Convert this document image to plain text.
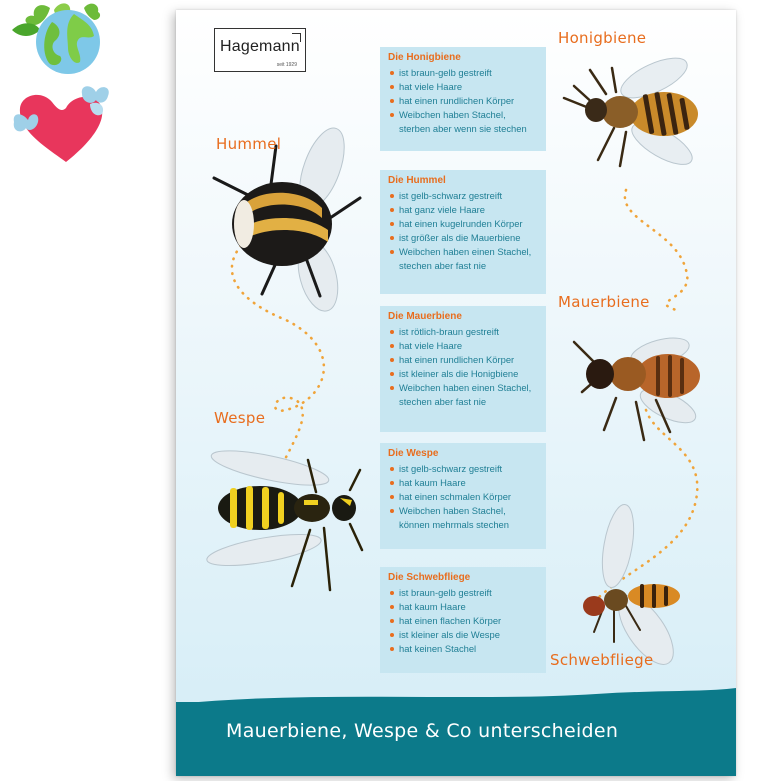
Hagemann
seit 1929
Honigbiene
Hummel
Mauerbiene
Wespe
Schwebfliege
Die Honigbiene
ist braun-gelb gestreift
hat viele Haare
hat einen rundlichen Körper
Weibchen haben Stachel, sterben aber wenn sie stechen
Die Hummel
ist gelb-schwarz gestreift
hat ganz viele Haare
hat einen kugelrunden Körper
ist größer als die Mauerbiene
Weibchen haben einen Stachel, stechen aber fast nie
Die Mauerbiene
ist rötlich-braun gestreift
hat viele Haare
hat einen rundlichen Körper
ist kleiner als die Honigbiene
Weibchen haben einen Stachel, stechen aber fast nie
Die Wespe
ist gelb-schwarz gestreift
hat kaum Haare
hat einen schmalen Körper
Weibchen haben Stachel, können mehrmals stechen
Die Schwebfliege
ist braun-gelb gestreift
hat kaum Haare
hat einen flachen Körper
ist kleiner als die Wespe
hat keinen Stachel
Mauerbiene, Wespe & Co unterscheiden
